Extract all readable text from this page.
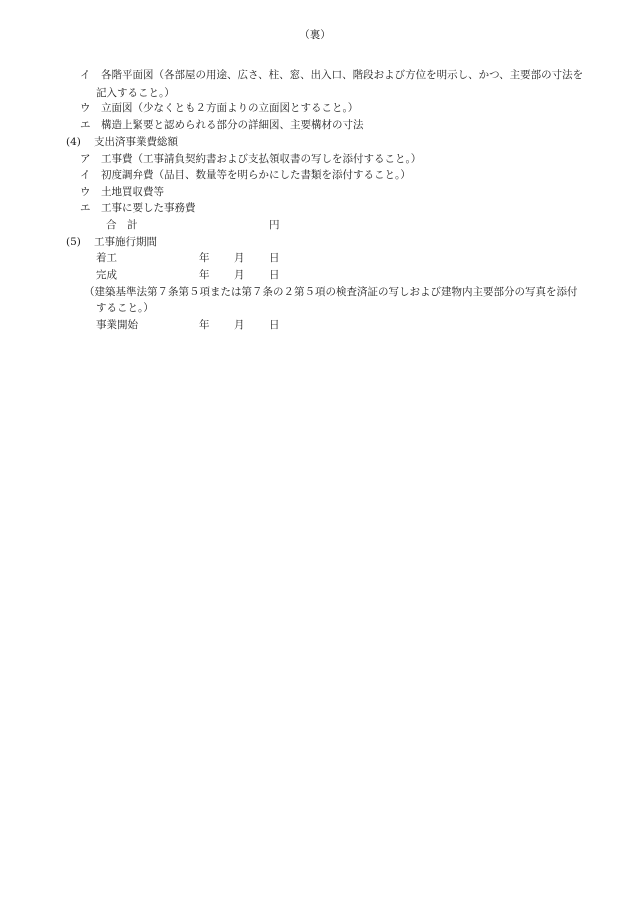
（裏）
イ　各階平面図（各部屋の用途、広さ、柱、窓、出入口、階段および方位を明示し、かつ、主要部の寸法を
記入すること。）
ウ　立面図（少なくとも２方面よりの立面図とすること。）
エ　構造上緊要と認められる部分の詳細図、主要構材の寸法
(4) 支出済事業費総額
ア　工事費（工事請負契約書および支払領収書の写しを添付すること。）
イ　初度調弁費（品目、数量等を明らかにした書類を添付すること。）
ウ　土地買収費等
エ　工事に要した事務費
合　計	円
(5) 工事施行期間
着工	年 月 日
完成	年 月 日
（建築基準法第７条第５項または第７条の２第５項の検査済証の写しおよび建物内主要部分の写真を添付
すること。）
事業開始	年 月 日
